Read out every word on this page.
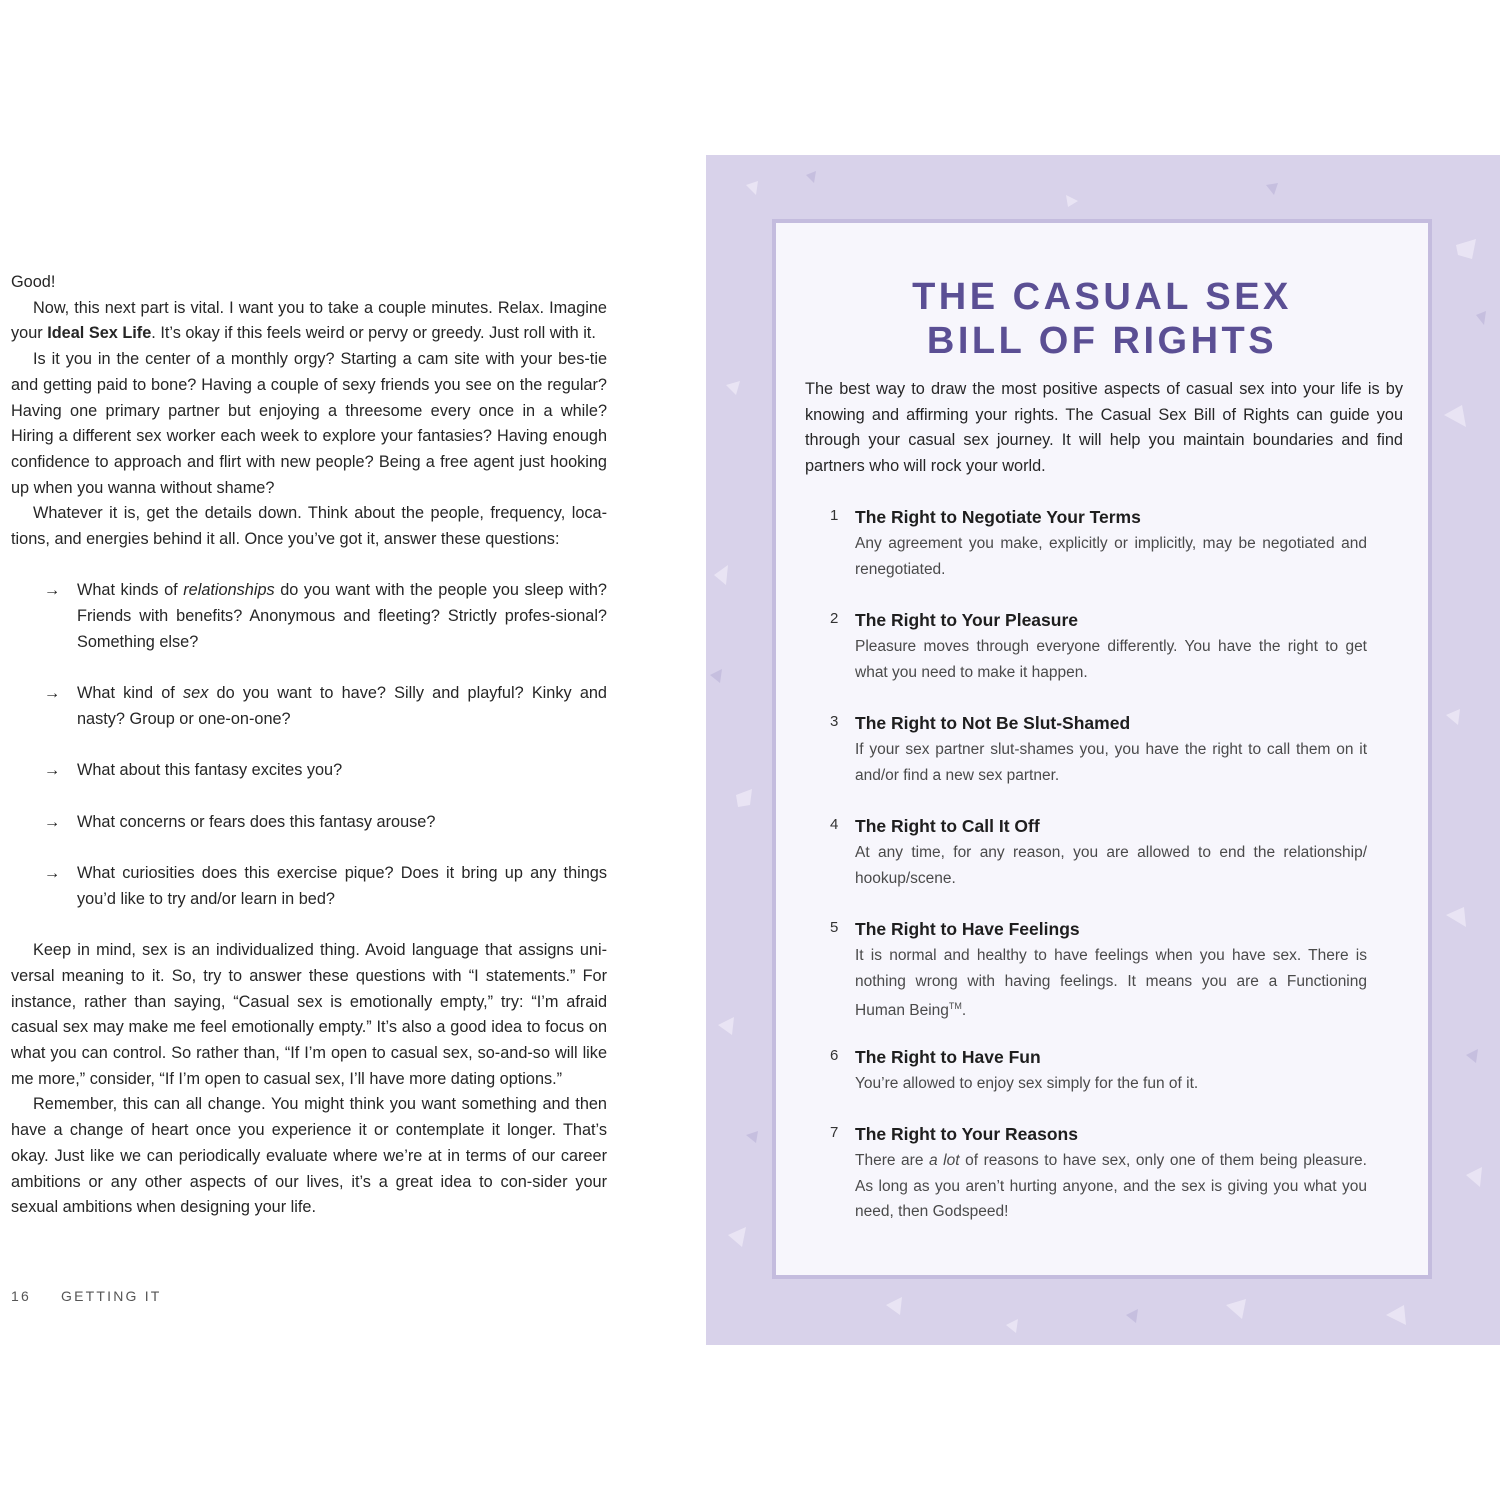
Good!

Now, this next part is vital. I want you to take a couple minutes. Relax. Imagine your Ideal Sex Life. It’s okay if this feels weird or pervy or greedy. Just roll with it.

Is it you in the center of a monthly orgy? Starting a cam site with your bes-tie and getting paid to bone? Having a couple of sexy friends you see on the regular? Having one primary partner but enjoying a threesome every once in a while? Hiring a different sex worker each week to explore your fantasies? Having enough confidence to approach and flirt with new people? Being a free agent just hooking up when you wanna without shame?

Whatever it is, get the details down. Think about the people, frequency, loca-tions, and energies behind it all. Once you’ve got it, answer these questions:

→ What kinds of relationships do you want with the people you sleep with? Friends with benefits? Anonymous and fleeting? Strictly profes-sional? Something else?
→ What kind of sex do you want to have? Silly and playful? Kinky and nasty? Group or one-on-one?
→ What about this fantasy excites you?
→ What concerns or fears does this fantasy arouse?
→ What curiosities does this exercise pique? Does it bring up any things you’d like to try and/or learn in bed?

Keep in mind, sex is an individualized thing. Avoid language that assigns uni-versal meaning to it. So, try to answer these questions with “I statements.” For instance, rather than saying, “Casual sex is emotionally empty,” try: “I’m afraid casual sex may make me feel emotionally empty.” It’s also a good idea to focus on what you can control. So rather than, “If I’m open to casual sex, so-and-so will like me more,” consider, “If I’m open to casual sex, I’ll have more dating options.”

Remember, this can all change. You might think you want something and then have a change of heart once you experience it or contemplate it longer. That’s okay. Just like we can periodically evaluate where we’re at in terms of our career ambitions or any other aspects of our lives, it’s a great idea to con-sider your sexual ambitions when designing your life.

16 GETTING IT
THE CASUAL SEX
BILL OF RIGHTS

The best way to draw the most positive aspects of casual sex into your life is by knowing and affirming your rights. The Casual Sex Bill of Rights can guide you through your casual sex journey. It will help you maintain boundaries and find partners who will rock your world.

1 The Right to Negotiate Your Terms

Any agreement you make, explicitly or implicitly, may be negotiated and renegotiated.

2 The Right to Your Pleasure

Pleasure moves through everyone differently. You have the right to get what you need to make it happen.

3 The Right to Not Be Slut-Shamed

If your sex partner slut-shames you, you have the right to call them on it and/or find a new sex partner.

4 The Right to Call It Off

At any time, for any reason, you are allowed to end the relationship/ hookup/scene.

5 The Right to Have Feelings

It is normal and healthy to have feelings when you have sex. There is nothing wrong with having feelings. It means you are a Functioning Human Being™.

6 The Right to Have Fun

You’re allowed to enjoy sex simply for the fun of it.

7 The Right to Your Reasons

There are a lot of reasons to have sex, only one of them being pleasure. As long as you aren’t hurting anyone, and the sex is giving you what you need, then Godspeed!
